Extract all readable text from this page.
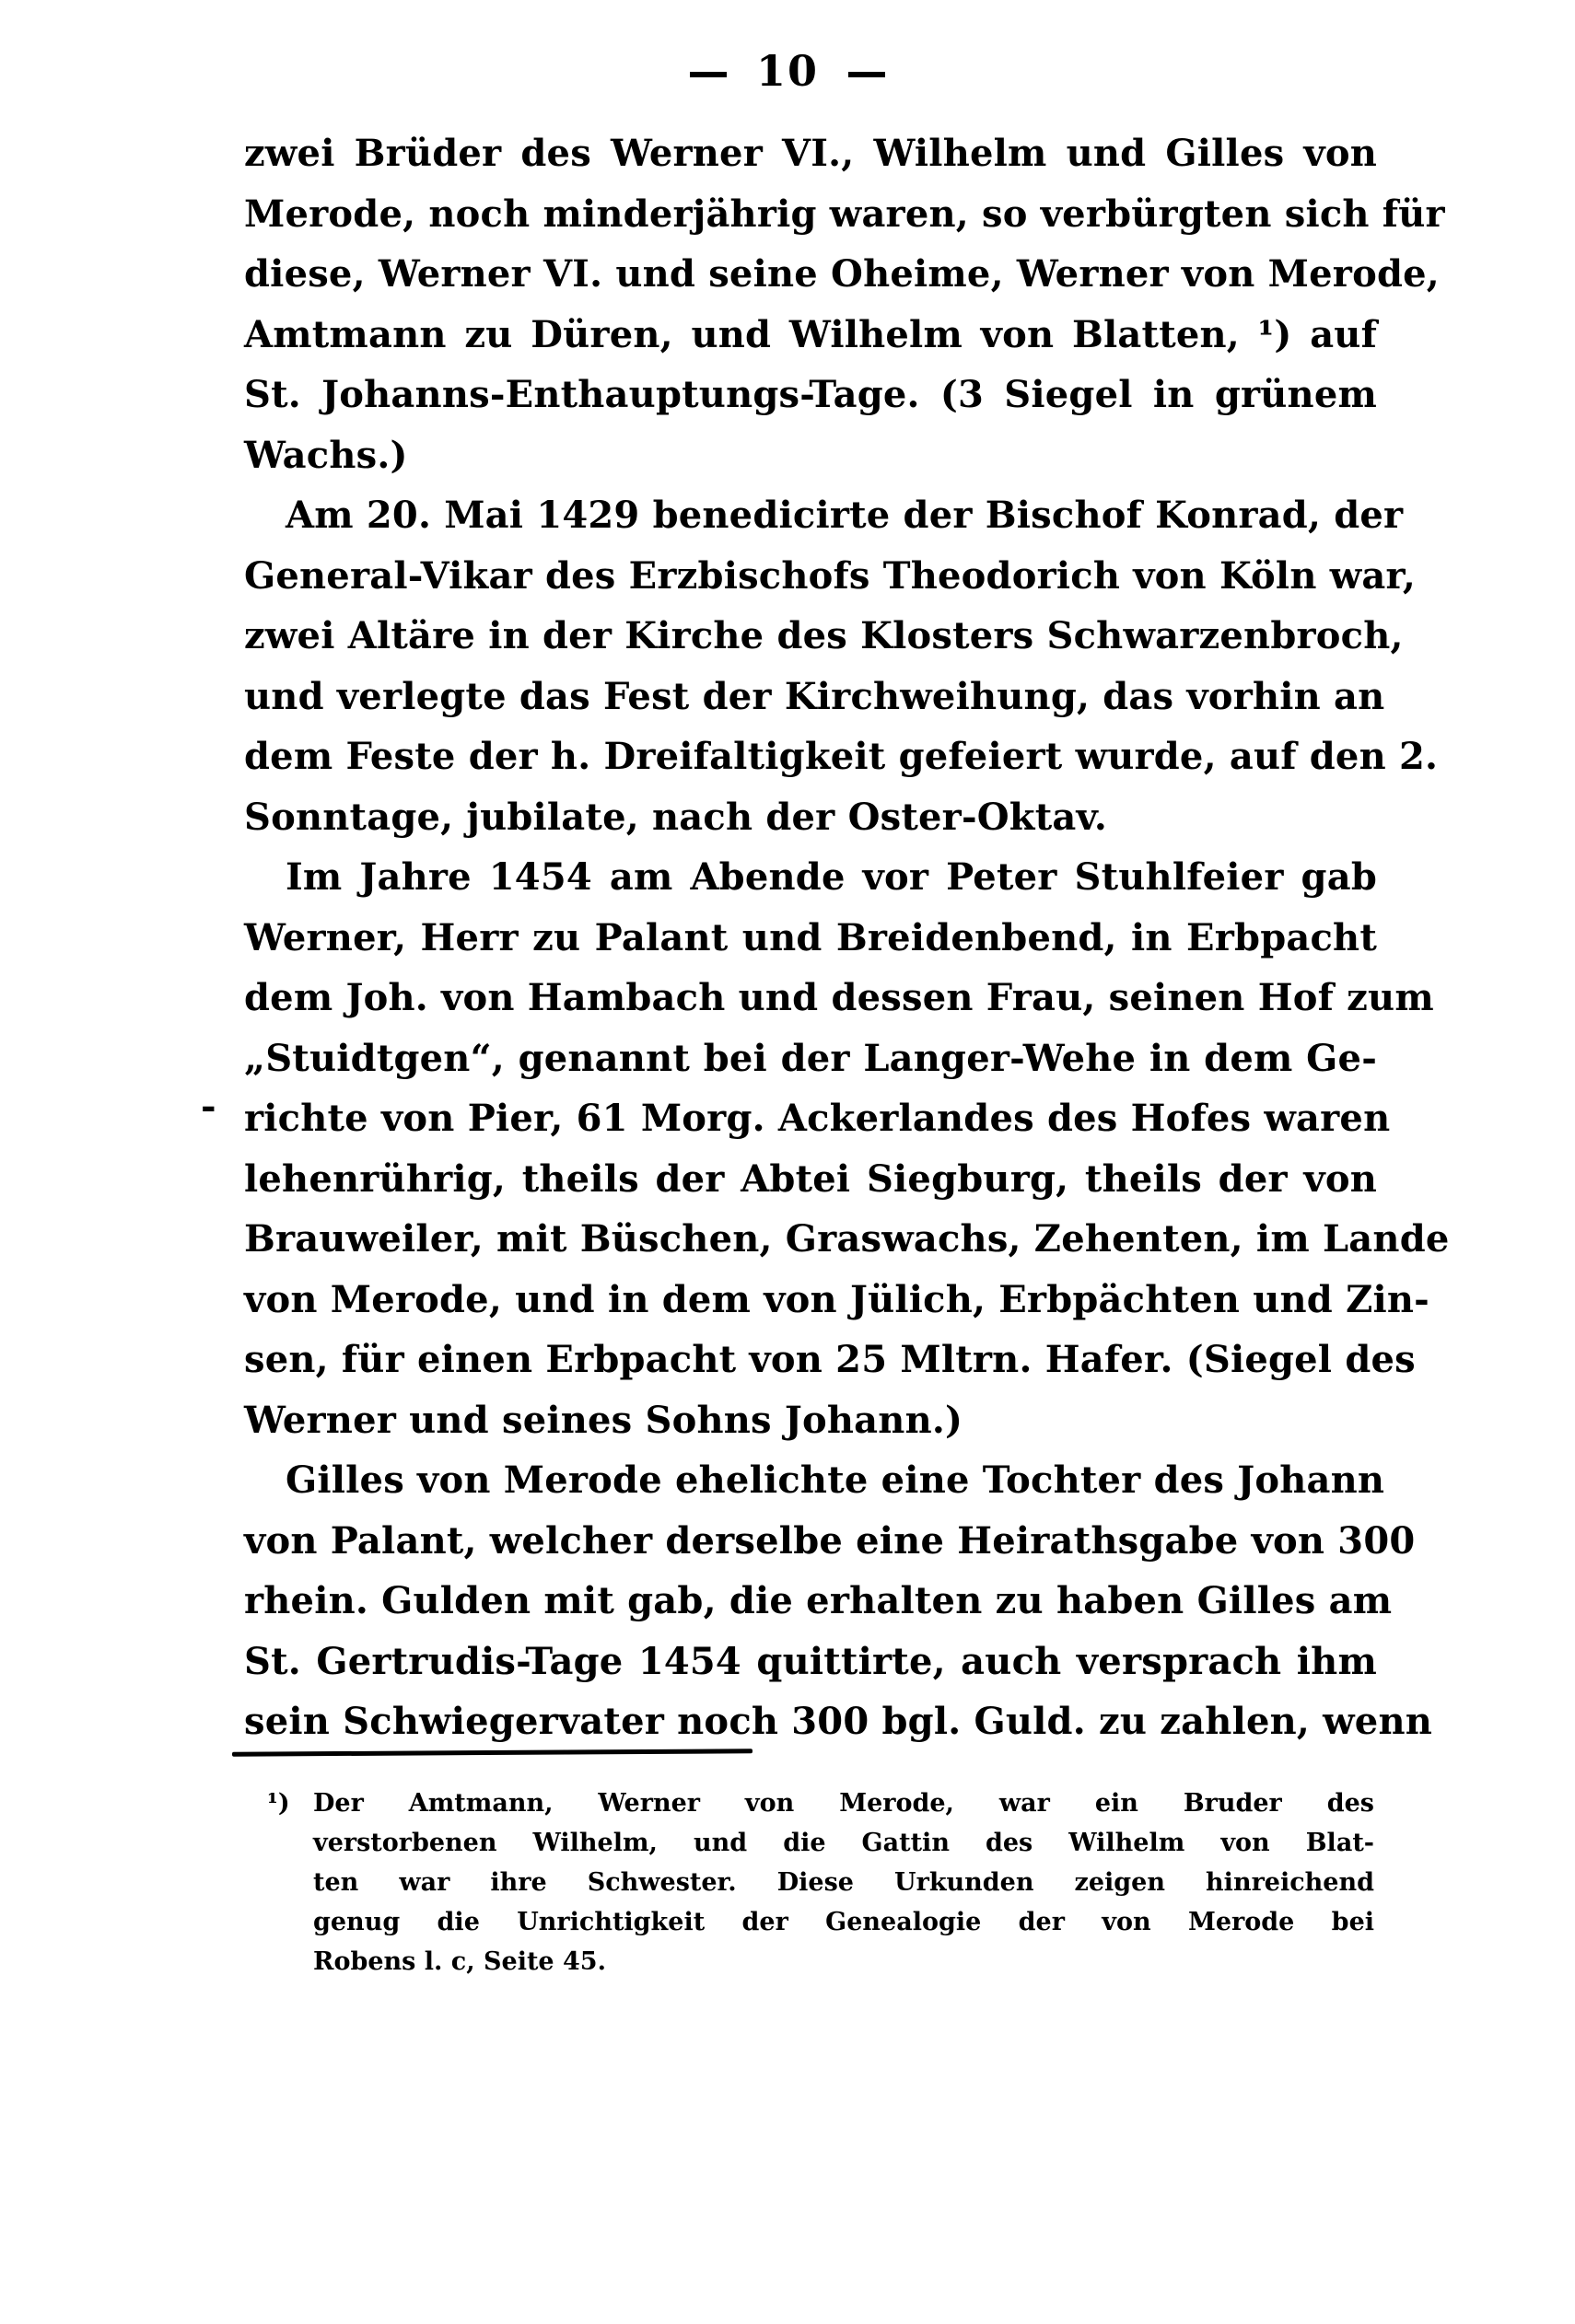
10
zwei Brüder des Werner VI., Wilhelm und Gilles von
Merode, noch minderjährig waren, so verbürgten sich für
diese, Werner VI. und seine Oheime, Werner von Merode,
Amtmann zu Düren, und Wilhelm von Blatten, ¹) auf
St. Johanns-Enthauptungs-Tage. (3 Siegel in grünem
Wachs.)
Am 20. Mai 1429 benedicirte der Bischof Konrad, der
General-Vikar des Erzbischofs Theodorich von Köln war,
zwei Altäre in der Kirche des Klosters Schwarzenbroch,
und verlegte das Fest der Kirchweihung, das vorhin an
dem Feste der h. Dreifaltigkeit gefeiert wurde, auf den 2.
Sonntage, jubilate, nach der Oster-Oktav.
Im Jahre 1454 am Abende vor Peter Stuhlfeier gab
Werner, Herr zu Palant und Breidenbend, in Erbpacht
dem Joh. von Hambach und dessen Frau, seinen Hof zum
„Stuidtgen“, genannt bei der Langer-Wehe in dem Ge-
richte von Pier, 61 Morg. Ackerlandes des Hofes waren
lehenrührig, theils der Abtei Siegburg, theils der von
Brauweiler, mit Büschen, Graswachs, Zehenten, im Lande
von Merode, und in dem von Jülich, Erbpächten und Zin-
sen, für einen Erbpacht von 25 Mltrn. Hafer. (Siegel des
Werner und seines Sohns Johann.)
Gilles von Merode ehelichte eine Tochter des Johann
von Palant, welcher derselbe eine Heirathsgabe von 300
rhein. Gulden mit gab, die erhalten zu haben Gilles am
St. Gertrudis-Tage 1454 quittirte, auch versprach ihm
sein Schwiegervater noch 300 bgl. Guld. zu zahlen, wenn
-
¹) Der Amtmann, Werner von Merode, war ein Bruder des
verstorbenen Wilhelm, und die Gattin des Wilhelm von Blat-
ten war ihre Schwester. Diese Urkunden zeigen hinreichend
genug die Unrichtigkeit der Genealogie der von Merode bei
Robens l. c, Seite 45.
